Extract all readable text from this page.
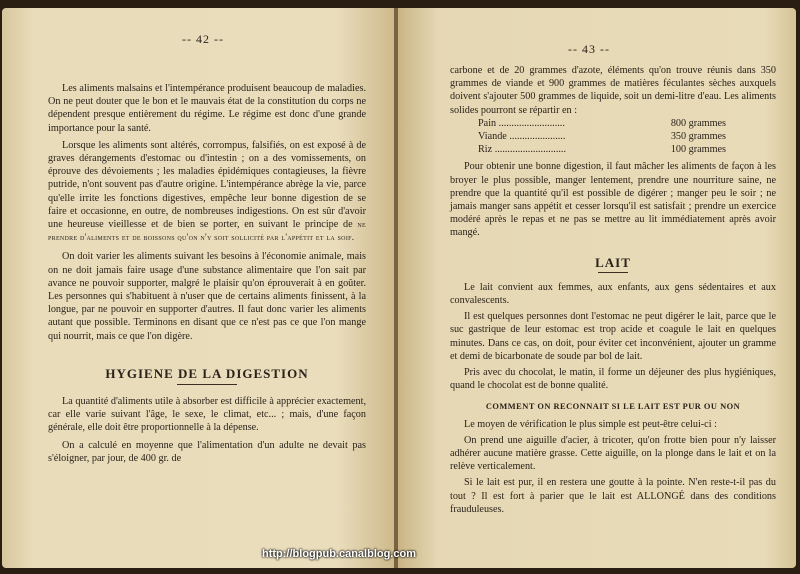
-- 42 --

Les aliments malsains et l'intempérance produisent beaucoup de maladies. On ne peut douter que le bon et le mauvais état de la constitution du corps ne dépendent presque entièrement du régime. Le régime est donc d'une grande importance pour la santé.

Lorsque les aliments sont altérés, corrompus, falsifiés, on est exposé à de graves dérangements d'estomac ou d'intestin ; on a des vomissements, on éprouve des dévoiements ; les maladies épidémiques contagieuses, la fièvre putride, n'ont souvent pas d'autre origine. L'intempérance abrège la vie, parce qu'elle irrite les fonctions digestives, empêche leur bonne digestion de se faire et occasionne, en outre, de nombreuses indigestions. On est sûr d'avoir une heureuse vieillesse et de bien se porter, en suivant le principe de ne prendre d'aliments et de boissons qu'on n'y soit sollicité par l'appétit et la soif.

On doit varier les aliments suivant les besoins à l'économie animale, mais on ne doit jamais faire usage d'une substance alimentaire que l'on sait par avance ne pouvoir supporter, malgré le plaisir qu'on éprouverait à en goûter. Les personnes qui s'habituent à n'user que de certains aliments finissent, à la longue, par ne pouvoir en supporter d'autres. Il faut donc varier les aliments autant que possible. Terminons en disant que ce n'est pas ce que l'on mange qui nourrit, mais ce que l'on digère.

HYGIENE DE LA DIGESTION

La quantité d'aliments utile à absorber est difficile à apprécier exactement, car elle varie suivant l'âge, le sexe, le climat, etc... ; mais, d'une façon générale, elle doit être proportionnelle à la dépense.

On a calculé en moyenne que l'alimentation d'un adulte ne devait pas s'éloigner, par jour, de 400 gr. de

-- 43 --

carbone et de 20 grammes d'azote, éléments qu'on trouve réunis dans 350 grammes de viande et 900 grammes de matières féculantes sèches auxquels doivent s'ajouter 500 grammes de liquide, soit un demi-litre d'eau. Les aliments solides pourront se répartir en :

Pain ..........................	800 grammes
Viande ......................	350 grammes
Riz ............................	100 grammes

Pour obtenir une bonne digestion, il faut mâcher les aliments de façon à les broyer le plus possible, manger lentement, prendre une nourriture saine, ne prendre que la quantité qu'il est possible de digérer ; manger peu le soir ; ne jamais manger sans appétit et cesser lorsqu'il est satisfait ; prendre un exercice modéré après le repas et ne pas se mettre au lit immédiatement après avoir mangé.

LAIT

Le lait convient aux femmes, aux enfants, aux gens sédentaires et aux convalescents.

Il est quelques personnes dont l'estomac ne peut digérer le lait, parce que le suc gastrique de leur estomac est trop acide et coagule le lait en quelques minutes. Dans ce cas, on doit, pour éviter cet inconvénient, ajouter un gramme et demi de bicarbonate de soude par bol de lait.

Pris avec du chocolat, le matin, il forme un déjeuner des plus hygiéniques, quand le chocolat est de bonne qualité.

COMMENT ON RECONNAIT SI LE LAIT EST PUR OU NON

Le moyen de vérification le plus simple est peut-être celui-ci :

On prend une aiguille d'acier, à tricoter, qu'on frotte bien pour n'y laisser adhérer aucune matière grasse. Cette aiguille, on la plonge dans le lait et on la relève verticalement.

Si le lait est pur, il en restera une goutte à la pointe. N'en reste-t-il pas du tout ? Il est fort à parier que le lait est ALLONGÉ dans des conditions frauduleuses.

http://blogpub.canalblog.com
